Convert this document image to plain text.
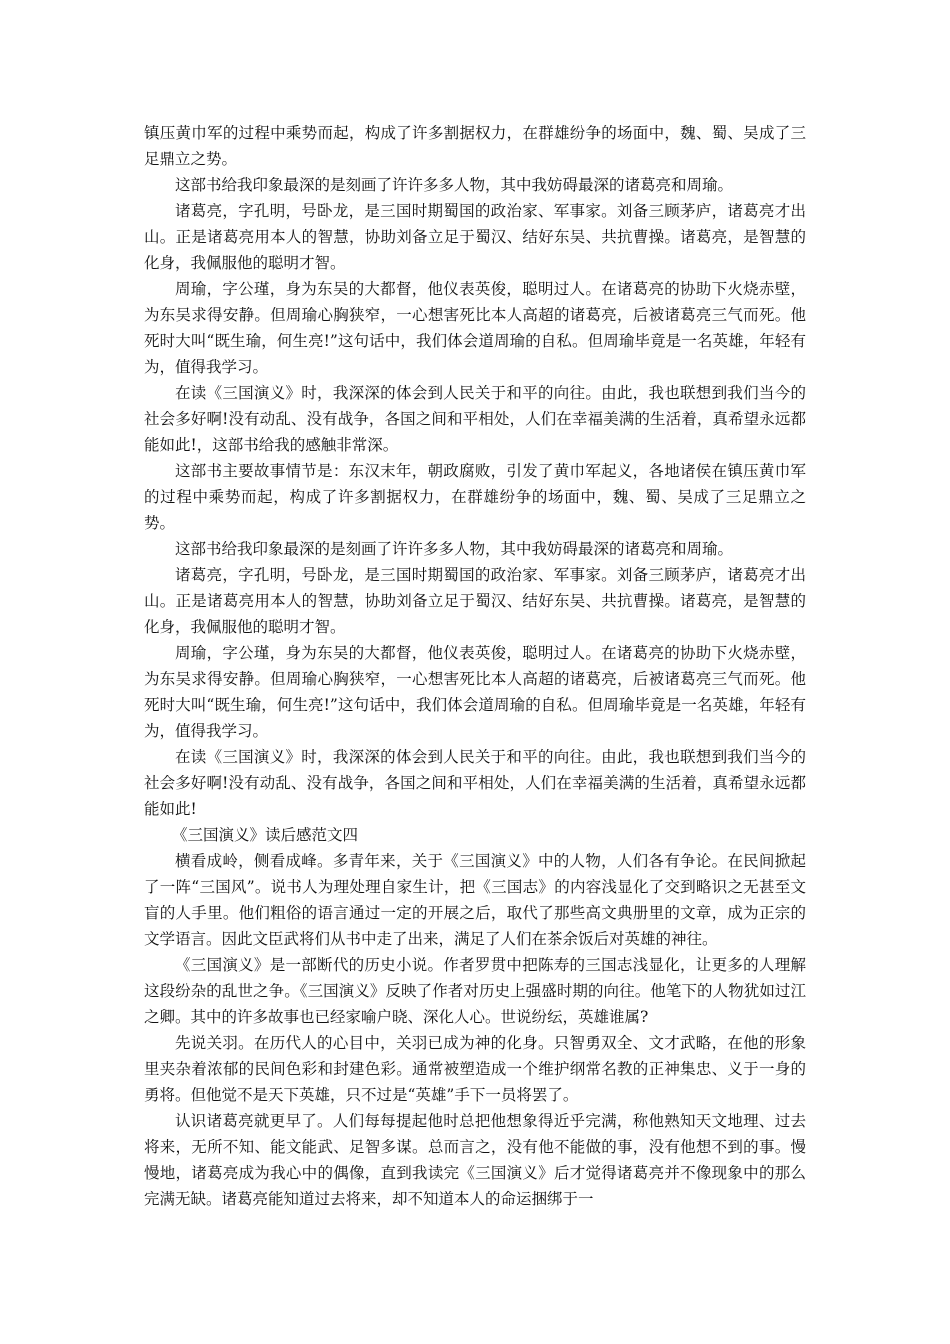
镇压黄巾军的过程中乘势而起，构成了许多割据权力，在群雄纷争的场面中，魏、蜀、吴成了三足鼎立之势。

这部书给我印象最深的是刻画了许许多多人物，其中我妨碍最深的诸葛亮和周瑜。

诸葛亮，字孔明，号卧龙，是三国时期蜀国的政治家、军事家。刘备三顾茅庐，诸葛亮才出山。正是诸葛亮用本人的智慧，协助刘备立足于蜀汉、结好东吴、共抗曹操。诸葛亮，是智慧的化身，我佩服他的聪明才智。

周瑜，字公瑾，身为东吴的大都督，他仪表英俊，聪明过人。在诸葛亮的协助下火烧赤壁，为东吴求得安静。但周瑜心胸狭窄，一心想害死比本人高超的诸葛亮，后被诸葛亮三气而死。他死时大叫“既生瑜，何生亮!”这句话中，我们体会道周瑜的自私。但周瑜毕竟是一名英雄，年轻有为，值得我学习。

在读《三国演义》时，我深深的体会到人民关于和平的向往。由此，我也联想到我们当今的社会多好啊!没有动乱、没有战争，各国之间和平相处，人们在幸福美满的生活着，真希望永远都能如此!，这部书给我的感触非常深。

这部书主要故事情节是：东汉末年，朝政腐败，引发了黄巾军起义，各地诸侯在镇压黄巾军的过程中乘势而起，构成了许多割据权力，在群雄纷争的场面中，魏、蜀、吴成了三足鼎立之势。

这部书给我印象最深的是刻画了许许多多人物，其中我妨碍最深的诸葛亮和周瑜。

诸葛亮，字孔明，号卧龙，是三国时期蜀国的政治家、军事家。刘备三顾茅庐，诸葛亮才出山。正是诸葛亮用本人的智慧，协助刘备立足于蜀汉、结好东吴、共抗曹操。诸葛亮，是智慧的化身，我佩服他的聪明才智。

周瑜，字公瑾，身为东吴的大都督，他仪表英俊，聪明过人。在诸葛亮的协助下火烧赤壁，为东吴求得安静。但周瑜心胸狭窄，一心想害死比本人高超的诸葛亮，后被诸葛亮三气而死。他死时大叫“既生瑜，何生亮!”这句话中，我们体会道周瑜的自私。但周瑜毕竟是一名英雄，年轻有为，值得我学习。

在读《三国演义》时，我深深的体会到人民关于和平的向往。由此，我也联想到我们当今的社会多好啊!没有动乱、没有战争，各国之间和平相处，人们在幸福美满的生活着，真希望永远都能如此!

《三国演义》读后感范文四

横看成岭，侧看成峰。多青年来，关于《三国演义》中的人物，人们各有争论。在民间掀起了一阵“三国风”。说书人为理处理自家生计，把《三国志》的内容浅显化了交到略识之无甚至文盲的人手里。他们粗俗的语言通过一定的开展之后，取代了那些高文典册里的文章，成为正宗的文学语言。因此文臣武将们从书中走了出来，满足了人们在茶余饭后对英雄的神往。

《三国演义》是一部断代的历史小说。作者罗贯中把陈寿的三国志浅显化，让更多的人理解这段纷杂的乱世之争。《三国演义》反映了作者对历史上强盛时期的向往。他笔下的人物犹如过江之卿。其中的许多故事也已经家喻户晓、深化人心。世说纷纭，英雄谁属?

先说关羽。在历代人的心目中，关羽已成为神的化身。只智勇双全、文才武略，在他的形象里夹杂着浓郁的民间色彩和封建色彩。通常被塑造成一个维护纲常名教的正神集忠、义于一身的勇将。但他觉不是天下英雄，只不过是“英雄”手下一员将罢了。

认识诸葛亮就更早了。人们每每提起他时总把他想象得近乎完满，称他熟知天文地理、过去将来，无所不知、能文能武、足智多谋。总而言之，没有他不能做的事，没有他想不到的事。慢慢地，诸葛亮成为我心中的偶像，直到我读完《三国演义》后才觉得诸葛亮并不像现象中的那么完满无缺。诸葛亮能知道过去将来，却不知道本人的命运捆绑于一
